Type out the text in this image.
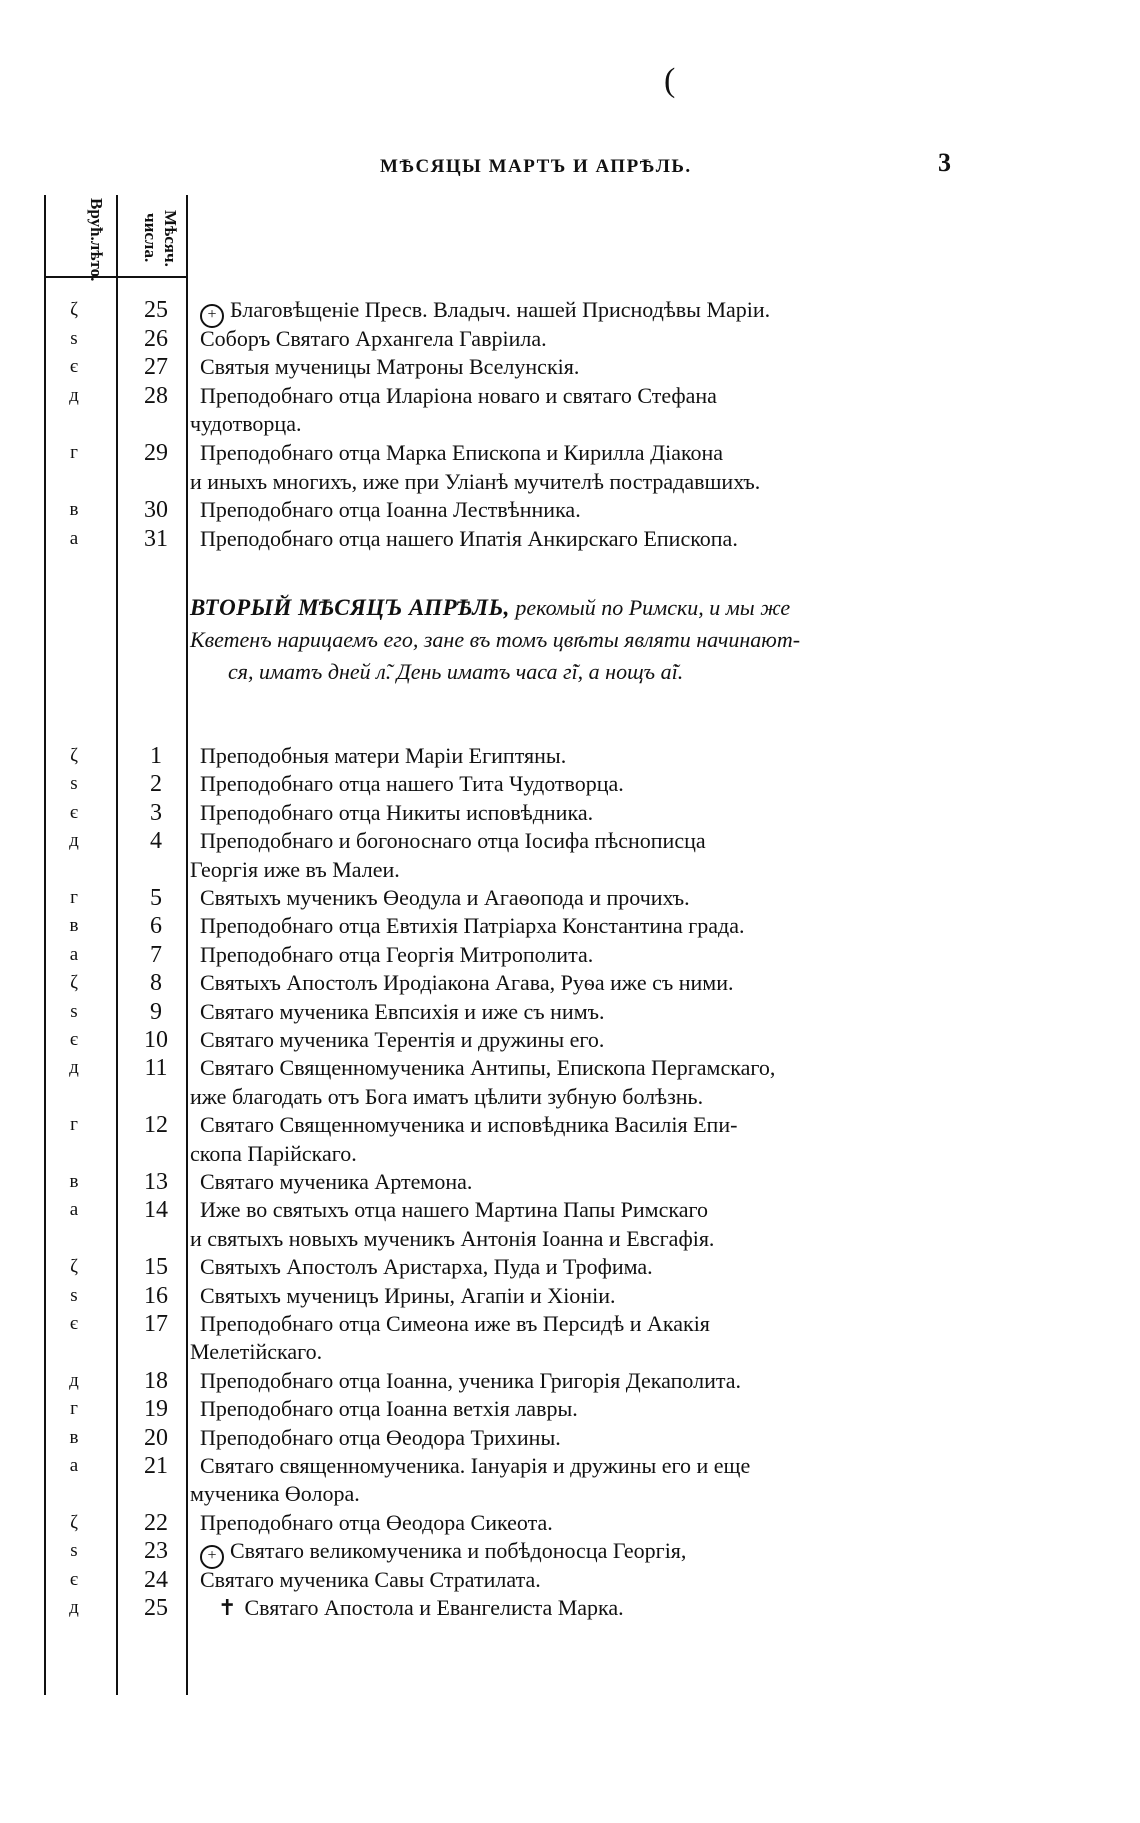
(
МѢСЯЦЫ МАРТЪ И АПРѢЛЬ.	3
Врућ.лѣто.	Мѣсяч. числа.
ζ	25	+ Благовѣщеніе Пресв. Владыч. нашей Приснодѣвы Маріи.
ѕ	26	Соборъ Святаго Архангела Гавріила.
є	27	Святыя мученицы Матроны Вселунскія.
д	28	Преподобнаго отца Иларіона новаго и святаго Стефана
чудотворца.
г	29	Преподобнаго отца Марка Епископа и Кирилла Діакона
и иныхъ многихъ, иже при Уліанѣ мучителѣ пострадавшихъ.
в	30	Преподобнаго отца Іоанна Лествѣнника.
а	31	Преподобнаго отца нашего Ипатія Анкирскаго Епископа.
ВТОРЫЙ МѢСЯЦЪ АПРѢЛЬ, рекомый по Римски, и мы же
Кветенъ нарицаемъ его, зане въ томъ цвѣты являти начинают-
ся, иматъ дней л̃. День иматъ часа г̃i, а нощъ а̃i.
ζ	1	Преподобныя матери Маріи Египтяны.
ѕ	2	Преподобнаго отца нашего Тита Чудотворца.
є	3	Преподобнаго отца Никиты исповѣдника.
д	4	Преподобнаго и богоноснаго отца Іосифа пѣснописца
Георгія иже въ Малеи.
г	5	Святыхъ мученикъ Өеодула и Агаѳопода и прочихъ.
в	6	Преподобнаго отца Евтихія Патріарха Константина града.
а	7	Преподобнаго отца Георгія Митрополита.
ζ	8	Святыхъ Апостолъ Иродіакона Агава, Руѳа иже съ ними.
ѕ	9	Святаго мученика Евпсихія и иже съ нимъ.
є	10	Святаго мученика Терентія и дружины его.
д	11	Святаго Священномученика Антипы, Епископа Пергамскаго,
иже благодать отъ Бога иматъ цѣлити зубную болѣзнь.
г	12	Святаго Священномученика и исповѣдника Василія Епи-
скопа Парійскаго.
в	13	Святаго мученика Артемона.
а	14	Иже во святыхъ отца нашего Мартина Папы Римскаго
и святыхъ новыхъ мученикъ Антонія Іоанна и Евсгафія.
ζ	15	Святыхъ Апостолъ Аристарха, Пуда и Трофима.
ѕ	16	Святыхъ мученицъ Ирины, Агапіи и Хіоніи.
є	17	Преподобнаго отца Симеона иже въ Персидѣ и Акакія
Мелетійскаго.
д	18	Преподобнаго отца Іоанна, ученика Григорія Декаполита.
г	19	Преподобнаго отца Іоанна ветхія лавры.
в	20	Преподобнаго отца Өеодора Трихины.
а	21	Святаго священномученика. Іануарія и дружины его и еще
мученика Өолора.
ζ	22	Преподобнаго отца Өеодора Сикеота.
ѕ	23	+ Святаго великомученика и побѣдоносца Георгія,
є	24	Святаго мученика Савы Стратилата.
д	25	✝ Святаго Апостола и Евангелиста Марка.
